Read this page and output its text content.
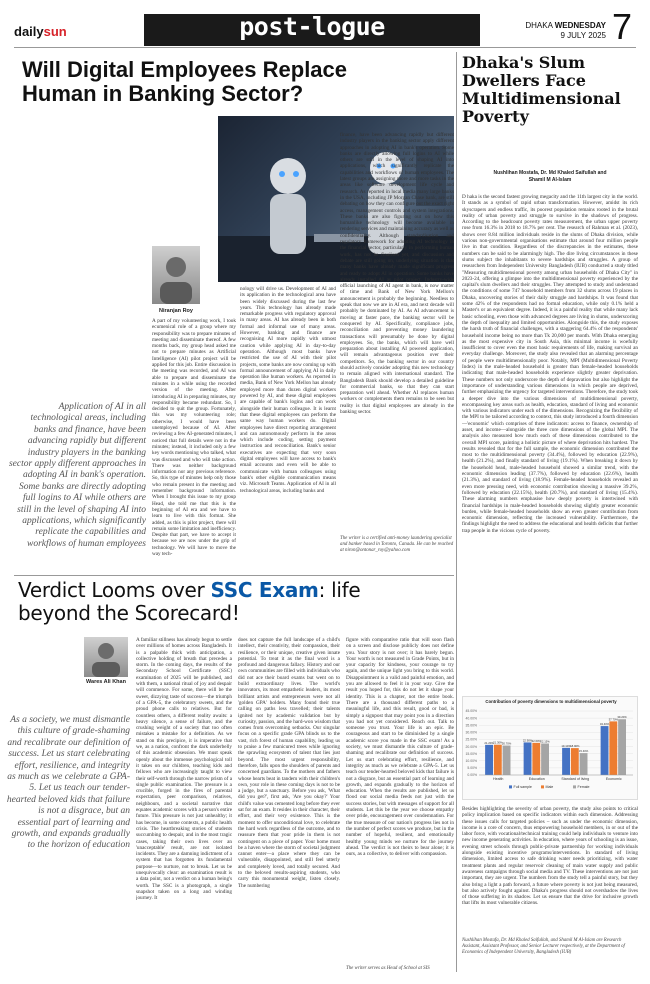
dailysun	post-logue	DHAKA WEDNESDAY
9 JULY 2025 7
Will Digital Employees Replace
Human in Banking Sector?
Niranjan Roy
Application of AI in all technological areas, including banks and finance, have been advancing rapidly but different industry players in the banking sector apply different approaches in adopting AI in bank's operation. Some banks are directly adopting full logins to AI while others are still in the level of shaping AI into applications, which significantly replicate the capabilities and workflows of human employees
A part of my volunteering work, I took ecumenical role of a group where my responsibility was to prepare minutes of meeting and disseminate thereof. A few months back, my group head asked me not to prepare minutes as Artificial Intelligence (AI) pilot project will be applied for this job. Entire discussion in the meeting was recorded, and AI was able to prepare and disseminate the minutes in a while using the recorded version of the meeting. After introducing AI in preparing minutes, my responsibility became redundant. So, I decided to quit the group. Fortunately, this was my volunteering role; otherwise, I would have been unemployed because of AI. After reviewing a few AI-generated minutes, I noticed that full details were not in the minutes; instead, it included only a few key words mentioning who talked, what was discussed and who will take action. There was neither background information nor any previous reference. So, this type of minutes help only those who remain present in the meeting and remember background information. When I brought this issue to my group Head, she told me that this is the beginning of AI era and we have to learn to live with this format. She added, as this is pilot project, there will remain some limitation and inefficiency. Despite that part, we have to accept it because we are now under the grip of technology. We will have to move the way tech-
nology will drive us. Development of AI and its application in the technological area have been widely discussed during the last few years. This technology has already made remarkable progress with regulatory approval in many areas. AI has already been in both formal and informal use of many areas. However, banking and finance are recognising AI more rapidly with utmost caution while applying AI in day-to-day operation. Although most banks have restricted the use of AI with their pilot projects, some banks are now coming up with formal announcement of applying AI in daily operation like human workers. As reported in media, Bank of New York Mellon has already employed more than dozen digital workers powered by AI, and these digital employees are capable of bank's logins and can work alongside their human colleague. It is learnt that these digital employees can perform the same way human workers do. Digital employees have direct reporting arrangement and can autonomously perform in the areas which include coding, setting payment instruction and reconciliation. Bank's senior executives are expecting that very soon digital employees will have access to bank's email accounts and even will be able to communicate with human colleagues using bank's other eligible communication means viz. Microsoft Teams. Application of AI in all technological areas, including banks and
finance, have been advancing rapidly but different industry players in the banking sector apply different approaches in adopting AI in bank's operation. Some banks are directly allowing full logins to AI while others are still in the level of shaping AI into applications, which significantly replicate the capabilities and workflows of human employees. The latest groups are assigning more and more tasks in the areas like software development life cycle and research. As reported in local media many large banks in the USA, including JP Morgan Chase bank, are still debating on how they can configure out the exact right access, management controls and system integrations. These banks are also figuring out on how this humanlike technology will become available in rendering services and maintaining accuracy as well as confidentiality. Although standardisation and regulatory framework for adopting AI technology in the financial sector, particularly in performing human work, has not be finalised yet, and discussion and debate are still going on, underlying situation is that many banks have already made significant progress and ready to adopt AI in operation. Some banks have already installed AI as pilot project. Industry-wide official launching of AI agent in bank, is now matter of time and Bank of New York Mellon's announcement is probably the beginning. Needless to speak that now we are in AI era, and next decade will probably be dominated by AI. As AI advancement is moving at faster pace, the banking sector will be conquered by AI. Specifically, compliance jobs, reconciliation and preventing money laundering transactions will presumably be done by digital employees. So, the banks, which will have well preparation about installing AI powered application, will remain advantageous position over their competitors. So, the banking sector in our country should actively consider adopting this new technology to remain aligned with international standard. The Bangladesh Bank should develop a detailed guideline for commercial banks, so that they can start preparation well ahead. Whether AI replaces human workers or complements them remains to be seen but reality is that digital employees are already in the banking sector.
The writer is a certified anti-money laundering specialist and banker based in Toronto, Canada. He can be reached at niron@ontonar_roy@yahoo.com
Dhaka's Slum
Dwellers Face
Multidimensional
Poverty
Nushlihan Mostafa, Dr. Md Khaled Saifullah and
Shamil M Al-Islam
D haka is the second fastest growing megacity and the 11th largest city in the world. It stands as a symbol of rapid urban transformation. However, amidst its rich skyscrapers and endless traffic, its poorest population remains rooted in the brutal reality of urban poverty and struggle to survive in the shadows of progress. According to the headcount poverty rates measurement, the urban upper poverty rose from 16.3% in 2018 to 18.7% per cent. The research of Rahman et al. (2023), shows over 8.84 million individuals reside in the slums of Dhaka division, while various non-governmental organisations estimate that around four million people live in that condition. Regardless of the discrepancies in the estimates, these numbers can be said to be alarmingly high. The dire living circumstances in these slums subject the inhabitants to severe hardships and struggles. A group of researchers from Independent University Bangladesh (IUB) conducted a study titled "Measuring multidimensional poverty among urban households of Dhaka City" in 2023-24, offering a glimpse into the multidimensional poverty experienced by the capital's slum dwellers and their struggles. They attempted to study and understand the conditions of some 747 household members from 32 slums across 19 places in Dhaka, uncovering stories of their daily struggle and hardships. It was found that some 42% of the respondents had no formal education, while only 0.1% held a Master's or an equivalent degree. Indeed, it is a painful reality that while many lack basic schooling, even those with advanced degrees are living in slums, underscoring the depth of inequality and limited opportunities. Alongside this, the study exposes the harsh truth of financial challenges, with a staggering 64.4% of the respondents' household income being no more than Tk 20,000 per month. With Dhaka emerging as the most expensive city in South Asia, this minimal income is woefully insufficient to cover even the most basic requirements of life, making survival an everyday challenge. Moreover, the study also revealed that an alarming percentage of people were multidimensionally poor. Notably, MPI (Multidimensional Poverty Index) in the male-headed household is greater than female-headed households indicating that male-headed households experience slightly greater deprivation. These numbers not only underscore the depth of depravation but also highlight the importance of understanding various dimensions in which people are deprived, further emphasizing the urgency for targeted interventions. Therefore, the study took a deeper dive into the various dimensions of multidimensional poverty, encompassing key areas such as health, education, standard of living and economic with various indicators under each of the dimensions. Recognizing the flexibility of the MPI to be tailored according to context, this study introduced a fourth dimension—'economic' which comprises of three indicators: access to finance, ownership of asset, and income—alongside the three core dimensions of the global MPI. The analysis also measured how much each of these dimensions contributed to the overall MPI score, painting a holistic picture of where deprivation hits hardest. The results revealed that for the full sample, the economic dimension contributed the most to the multidimensional poverty (34.4%), followed by education (22.9%), health (21.2%), and finally standard of living (19.1%). When breaking it down by the household head, male-headed household showed a similar trend, with the economic dimension leading (37.7%), followed by education (22.6%), health (21.3%), and standard of living (18.9%). Female-headed households revealed an even more pressing need, with economic contribution showing a massive 39.2%, followed by education (22.15%), health (20.7%), and standard of living (15.4%). These alarming numbers emphasise how deeply poverty is intertwined with financial hardships in male-headed households showing slightly greater economic burden, while female-headed households show an even greater contribution from economic dimension, reflecting the increased vulnerability. Furthermore, the findings highlight the need to address the educational and health deficits that further trap people in the vicious cycle of poverty.
Contribution of poverty dimensions to multidimensional poverty
0.00%
5.00%
10.00%
15.00%
20.00%
25.00%
30.00%
35.00%
40.00%
45.00%
21.20% 21.30% 20.70%
Health
22.90% 22.60% 22.15%
Education
19.10% 18.90%
15.40%
Standard of living
34.40%
37.70%
39.20%
Economic
Full sample	Male	Female
Besides highlighting the severity of urban poverty, the study also points to critical policy implication based on specific indicators within each dimension. Addressing these issues calls for targeted policies – such as under the economic dimension, income is a core of concern, thus empowering household members, in or out of the labor force, with vocational/technical training could help individuals to venture into new income generating activities. In education, where years of schooling is an issue, evening street schools through public-private partnership for working individuals alongside existing incentive programs/interventions. In standard of living dimension, limited access to safe drinking water needs prioritizing, with water treatment plants and regular reservoir cleaning of main water supply and public awareness campaigns through social media and TV. These interventions are not just important, they are urgent. The numbers from the study tell a painful story, but they also bring a light a path forward, a future where poverty is not just being measured, but also actively fought against. Dhaka's progress should not overshadow the lives of those suffering in its shadow. Let us ensure that the drive for inclusive growth that lifts its most vulnerable citizens.
Nushlihan Mostafa, Dr. Md Khaled Saifullah, and Shamil M Al-Islam are Research Assistant, Assistant Professor, and Senior Lecturer respectively, at the Department of Economics of Independent University, Bangladesh (IUB)
Verdict Looms over SSC Exam: life
beyond the Scorecard!
Wares Ali Khan
As a society, we must dismantle this culture of grade-shaming and recalibrate our definition of success. Let us start celebrating effort, resilience, and integrity as much as we celebrate a GPA-5. Let us teach our tender-hearted beloved kids that failure is not a disgrace, but an essential part of learning and growth, and expands gradually to the horizon of education
A familiar stillness has already begun to settle over millions of homes across Bangladesh. It is a palpable thick with anticipation, a collective holding of breath that precedes a storm. In the coming days, the results of the Secondary School Certificate (SSC) examination of 2025 will be published, and with them, a national ritual of joy and despair will commence. For some, there will be the sweet, dizzying taste of success—the triumph of a GPA-5, the celebratory sweets, and the proud phone calls to relatives. But for countless others, a different reality awaits: a heavy silence, a sense of failure, and the crushing weight of a society that too often mistakes a mistake for a definition. As we stand on this precipice, it is imperative that we, as a nation, confront the dark underbelly of this academic obsession. We must speak openly about the immense psychological toll it takes on our children, teaching kids and fellows who are increasingly taught to view their self-worth through the narrow prism of a single public examination. The pressure is a crucible, forged in the fires of parental expectation, peer comparison, relatives, neighbours, and a societal narrative that equates academic scores with a person's entire future. This pressure is not just unhealthy; it has become, in some contexts, a public health crisis. The heartbreaking stories of students succumbing to despair, and in the most tragic cases, taking their own lives over an 'unacceptable' result, are not isolated incidents. They are a damning indictment of a system that has forgotten its fundamental purpose—to nurture, not to break. Let us be unequivocally clear: an examination result is a data point, not a verdict on a human being's worth. The SSC is a photograph, a single snapshot taken on a long and winding journey. It
does not capture the full landscape of a child's intellect, their creativity, their compassion, their resilience, or their unique, creative given innate potential. To treat it as the final word is a profound and dangerous fallacy. History and our own communities are filled with individuals who did not ace their board exams but went on to build extraordinary lives. The world's innovators, its most empathetic leaders, its most brilliant artists and entrepreneurs were not all 'golden GPA' holders. Many found their true calling on paths less travelled; their talents ignited not by academic validation but by curiosity, passion, and the hard-won wisdom that comes from overcoming setbacks. Our singular focus on a specific grade GPA blinds us to the vast, rich forest of human capability, leading us to praise a few manicured trees while ignoring the sprawling ecosystem of talent that lies just beyond. The most urgent responsibility, therefore, falls upon the shoulders of parents and concerned guardians. To the mothers and fathers whose hearts beat in tandem with their children's own, your role in these coming days is not to be a judge, but a sanctuary. Before you ask, 'What did you get?', first ask, 'Are you okay?' Your child's value was cemented long before they ever sat for an exam. It resides in their character, their effort, and their very existence. This is the moment to offer unconditional love, to celebrate the hard work regardless of the outcome, and to reassure them that your pride in them is not contingent on a piece of paper. Your home must be a haven where the storm of societal judgment cannot enter—a place where they can be vulnerable, disappointed, and still feel utterly and completely loved, and totally secured. And to the beloved results-aspiring students, who carry this monumental weight, listen closely. The numbering
figure with comparative ratio that will soon flash on a screen and disclose publicly does not define you. Your story is not over; it has barely begun. Your worth is not measured in Grade Points, but in your capacity for kindness, your courage to try again, and the unique light you bring to this world. Disappointment is a valid and painful emotion, and you are allowed to feel it in your way. Give the result you hoped for, this do not let it shape your identity. This is a chapter, not the entire book. There are a thousand different paths to a meaningful life, and this result, good or bad, is simply a signpost that may point you in a direction you had not yet considered. Reach out. Talk to someone you trust. Your life is an epic. Be courageous and start to be diminished by a single academic score you made in the SSC exam! As a society, we must dismantle this culture of grade-shaming and recalibrate our definition of success. Let us start celebrating effort, resilience, and integrity as much as we celebrate a GPA-5. Let us teach our tender-hearted beloved kids that failure is not a disgrace, but an essential part of learning and growth, and expands gradually to the horizon of education. When the results are published, let us flood our social media feeds not just with the success stories, but with messages of support for all students. Let this be the year we choose empathy over pride, encouragement over condemnation. For the true measure of our nation's progress lies not in the number of perfect scores we produce, but in the number of hopeful, resilient, and emotionally healthy young minds we nurture for the journey ahead. The verdict is not theirs to bear alone; it is ours, as a collective, to deliver with compassion.
The writer serves as Head of School at SIS
